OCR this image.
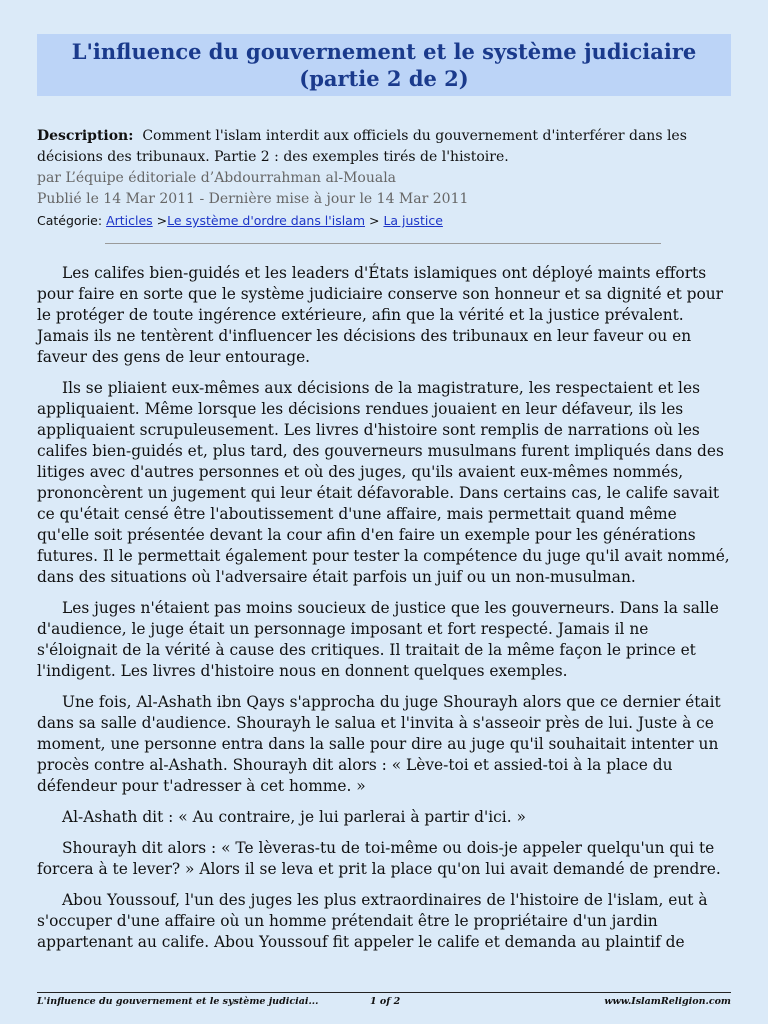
L'influence du gouvernement et le système judiciaire (partie 2 de 2)
Description: Comment l'islam interdit aux officiels du gouvernement d'interférer dans les décisions des tribunaux. Partie 2 : des exemples tirés de l'histoire.
par L’équipe éditoriale d’Abdourrahman al-Mouala
Publié le 14 Mar 2011 - Dernière mise à jour le 14 Mar 2011
Catégorie: Articles >Le système d'ordre dans l'islam > La justice

Les califes bien-guidés et les leaders d'États islamiques ont déployé maints efforts pour faire en sorte que le système judiciaire conserve son honneur et sa dignité et pour le protéger de toute ingérence extérieure, afin que la vérité et la justice prévalent. Jamais ils ne tentèrent d'influencer les décisions des tribunaux en leur faveur ou en faveur des gens de leur entourage.

Ils se pliaient eux-mêmes aux décisions de la magistrature, les respectaient et les appliquaient. Même lorsque les décisions rendues jouaient en leur défaveur, ils les appliquaient scrupuleusement. Les livres d'histoire sont remplis de narrations où les califes bien-guidés et, plus tard, des gouverneurs musulmans furent impliqués dans des litiges avec d'autres personnes et où des juges, qu'ils avaient eux-mêmes nommés, prononcèrent un jugement qui leur était défavorable. Dans certains cas, le calife savait ce qu'était censé être l'aboutissement d'une affaire, mais permettait quand même qu'elle soit présentée devant la cour afin d'en faire un exemple pour les générations futures. Il le permettait également pour tester la compétence du juge qu'il avait nommé, dans des situations où l'adversaire était parfois un juif ou un non-musulman.

Les juges n'étaient pas moins soucieux de justice que les gouverneurs. Dans la salle d'audience, le juge était un personnage imposant et fort respecté. Jamais il ne s'éloignait de la vérité à cause des critiques. Il traitait de la même façon le prince et l'indigent. Les livres d'histoire nous en donnent quelques exemples.

Une fois, Al-Ashath ibn Qays s'approcha du juge Shourayh alors que ce dernier était dans sa salle d'audience. Shourayh le salua et l'invita à s'asseoir près de lui. Juste à ce moment, une personne entra dans la salle pour dire au juge qu'il souhaitait intenter un procès contre al-Ashath. Shourayh dit alors : « Lève-toi et assied-toi à la place du défendeur pour t'adresser à cet homme. »

Al-Ashath dit : « Au contraire, je lui parlerai à partir d'ici. »

Shourayh dit alors : « Te lèveras-tu de toi-même ou dois-je appeler quelqu'un qui te forcera à te lever? » Alors il se leva et prit la place qu'on lui avait demandé de prendre.

Abou Youssouf, l'un des juges les plus extraordinaires de l'histoire de l'islam, eut à s'occuper d'une affaire où un homme prétendait être le propriétaire d'un jardin appartenant au calife. Abou Youssouf fit appeler le calife et demanda au plaintif de

L'influence du gouvernement et le système judiciai...	1 of 2	www.IslamReligion.com
